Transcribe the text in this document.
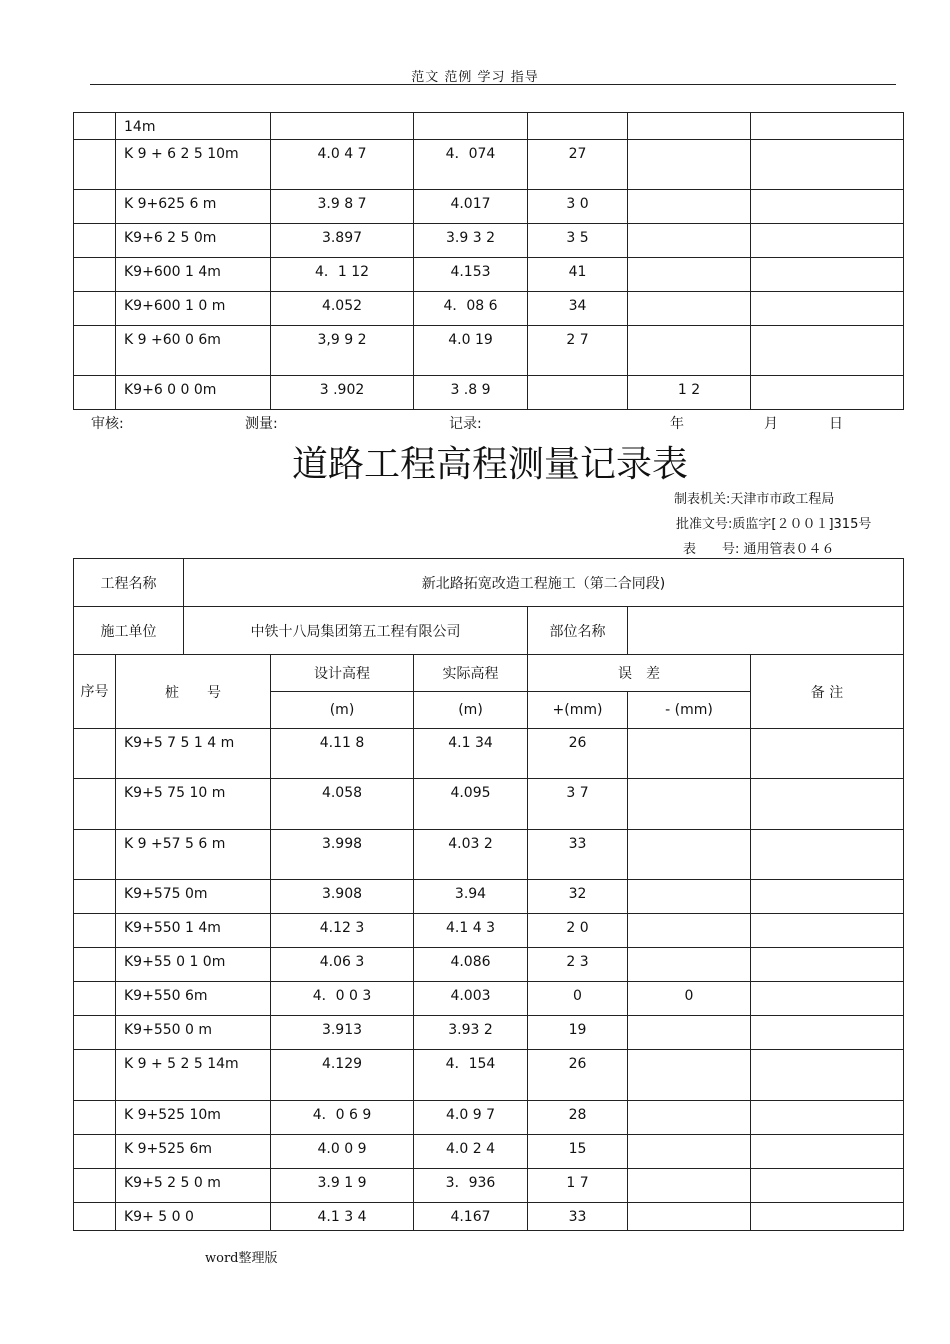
范文 范例 学习 指导
	14m					
	K 9 + 6 2 5 10m	4.0 4 7	4．074	27		
	K 9+625 6 m	3.9 8 7	4.017	3 0		
	K9+6 2 5 0m	3.897	3.9 3 2	3 5		
	K9+600 1 4m	4．1 12	4.153	41		
	K9+600 1 0 m	4.052	4．08 6	34		
	K 9 +60 0 6m	3,9 9 2	4.0 19	2 7		
	K9+6 0 0 0m	3 .902	3 .8 9		1 2	
审核:	测量:	记录:	年	月	日
道路工程高程测量记录表
制表机关:天津市市政工程局
批准文号:质监字[２００１]315号
表　　号: 通用管表０４６
工程名称	新北路拓宽改造工程施工（第二合同段)		
施工单位	中铁十八局集团第五工程有限公司	部位名称	
序号	桩　　号	设计高程	实际高程	误　差		备 注
		(m)	(m)	+(mm)	- (mm)	
	K9+5 7 5 1 4 m	4.11 8	4.1 34	26		
	K9+5 75 10 m	4.058	4.095	3 7		
	K 9 +57 5 6 m	3.998	4.03 2	33		
	K9+575 0m	3.908	3.94	32		
	K9+550 1 4m	4.12 3	4.1 4 3	2 0		
	K9+55 0 1 0m	4.06 3	4.086	2 3		
	K9+550 6m	4．0 0 3	4.003	0	0	
	K9+550 0 m	3.913	3.93 2	19		
	K 9 + 5 2 5 14m	4.129	4．154	26		
	K 9+525 10m	4．0 6 9	4.0 9 7	28		
	K 9+525 6m	4.0 0 9	4.0 2 4	15		
	K9+5 2 5 0 m	3.9 1 9	3．936	1 7		
	K9+ 5 0 0	4.1 3 4	4.167	33		
word整理版
